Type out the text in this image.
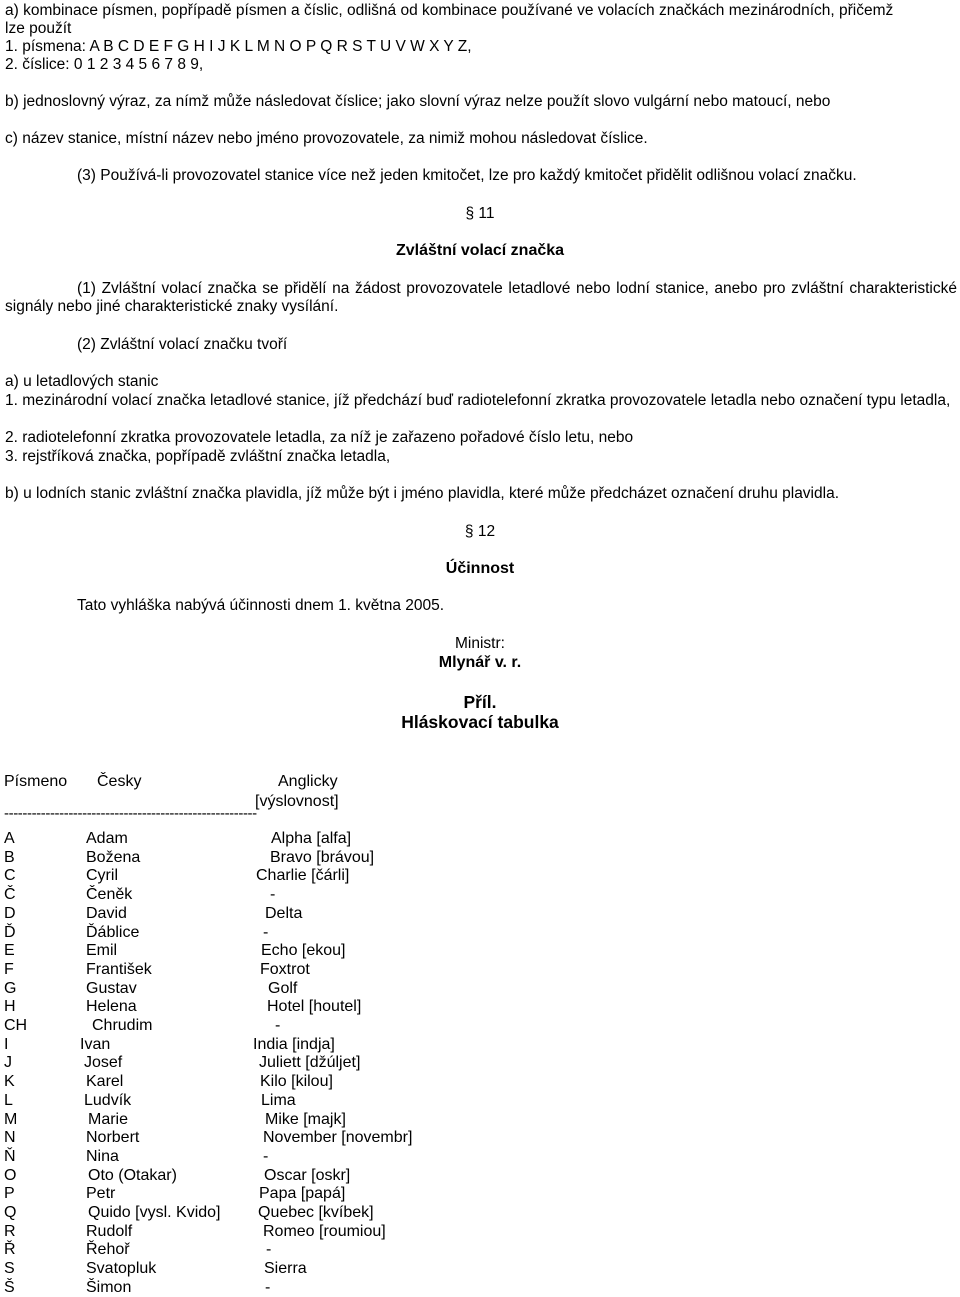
a) kombinace písmen, popřípadě písmen a číslic, odlišná od kombinace používané ve volacích značkách mezinárodních, přičemž

lze použít

1. písmena: A B C D E F G H I J K L M N O P Q R S T U V W X Y Z,

2. číslice: 0 1 2 3 4 5 6 7 8 9,

b) jednoslovný výraz, za nímž může následovat číslice; jako slovní výraz nelze použít slovo vulgární nebo matoucí, nebo

c) název stanice, místní název nebo jméno provozovatele, za nimiž mohou následovat číslice.

(3) Používá-li provozovatel stanice více než jeden kmitočet, lze pro každý kmitočet přidělit odlišnou volací značku.

§ 11

Zvláštní volací značka

(1) Zvláštní volací značka se přidělí na žádost provozovatele letadlové nebo lodní stanice, anebo pro zvláštní charakteristické signály nebo jiné charakteristické znaky vysílání.

(2) Zvláštní volací značku tvoří

a) u letadlových stanic

1. mezinárodní volací značka letadlové stanice, jíž předchází buď radiotelefonní zkratka provozovatele letadla nebo označení typu letadla,

2. radiotelefonní zkratka provozovatele letadla, za níž je zařazeno pořadové číslo letu, nebo

3. rejstříková značka, popřípadě zvláštní značka letadla,

b) u lodních stanic zvláštní značka plavidla, jíž může být i jméno plavidla, které může předcházet označení druhu plavidla.

§ 12

Účinnost

Tato vyhláška nabývá účinnosti dnem 1. května 2005.

Ministr:

Mlynář v. r.

Příl.

Hláskovací tabulka

Písmeno Česky	Anglicky
[výslovnost]
-------------------------------------------------------
A	Adam	Alpha [alfa]
B	Božena	Bravo [brávou]
C	Cyril	Charlie [čárli]
Č	Čeněk	-
D	David	Delta
Ď	Ďáblice	-
E	Emil	Echo [ekou]
F	František	Foxtrot
G	Gustav	Golf
H	Helena	Hotel [houtel]
CH	Chrudim	-
I	Ivan	India [indja]
J	Josef	Juliett [džúljet]
K	Karel	Kilo [kilou]
L	Ludvík	Lima
M	Marie	Mike [majk]
N	Norbert	November [novembr]
Ň	Nina	-
O	Oto (Otakar)	Oscar [oskr]
P	Petr	Papa [papá]
Q	Quido [vysl. Kvido] Quebec [kvíbek]
R	Rudolf	Romeo [roumiou]
Ř	Řehoř	-
S	Svatopluk	Sierra
Š	Šimon	-
